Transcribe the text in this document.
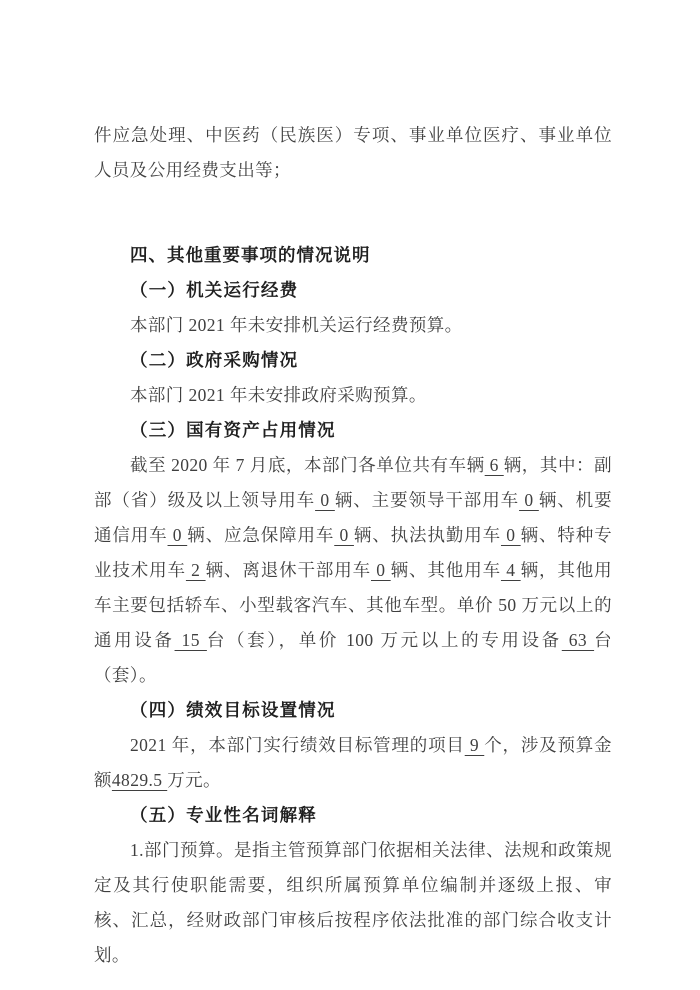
件应急处理、中医药（民族医）专项、事业单位医疗、事业单位人员及公用经费支出等；

四、其他重要事项的情况说明
（一）机关运行经费

本部门 2021 年未安排机关运行经费预算。

（二）政府采购情况

本部门 2021 年未安排政府采购预算。

（三）国有资产占用情况

截至 2020 年 7 月底，本部门各单位共有车辆 6 辆，其中：副部（省）级及以上领导用车 0 辆、主要领导干部用车 0 辆、机要通信用车 0 辆、应急保障用车 0 辆、执法执勤用车 0 辆、特种专业技术用车 2 辆、离退休干部用车 0 辆、其他用车 4 辆，其他用车主要包括轿车、小型载客汽车、其他车型。单价 50 万元以上的通用设备 15 台（套），单价 100 万元以上的专用设备 63 台（套）。

（四）绩效目标设置情况

2021 年，本部门实行绩效目标管理的项目 9 个，涉及预算金额4829.5 万元。

（五）专业性名词解释

1.部门预算。是指主管预算部门依据相关法律、法规和政策规定及其行使职能需要，组织所属预算单位编制并逐级上报、审核、汇总，经财政部门审核后按程序依法批准的部门综合收支计划。
